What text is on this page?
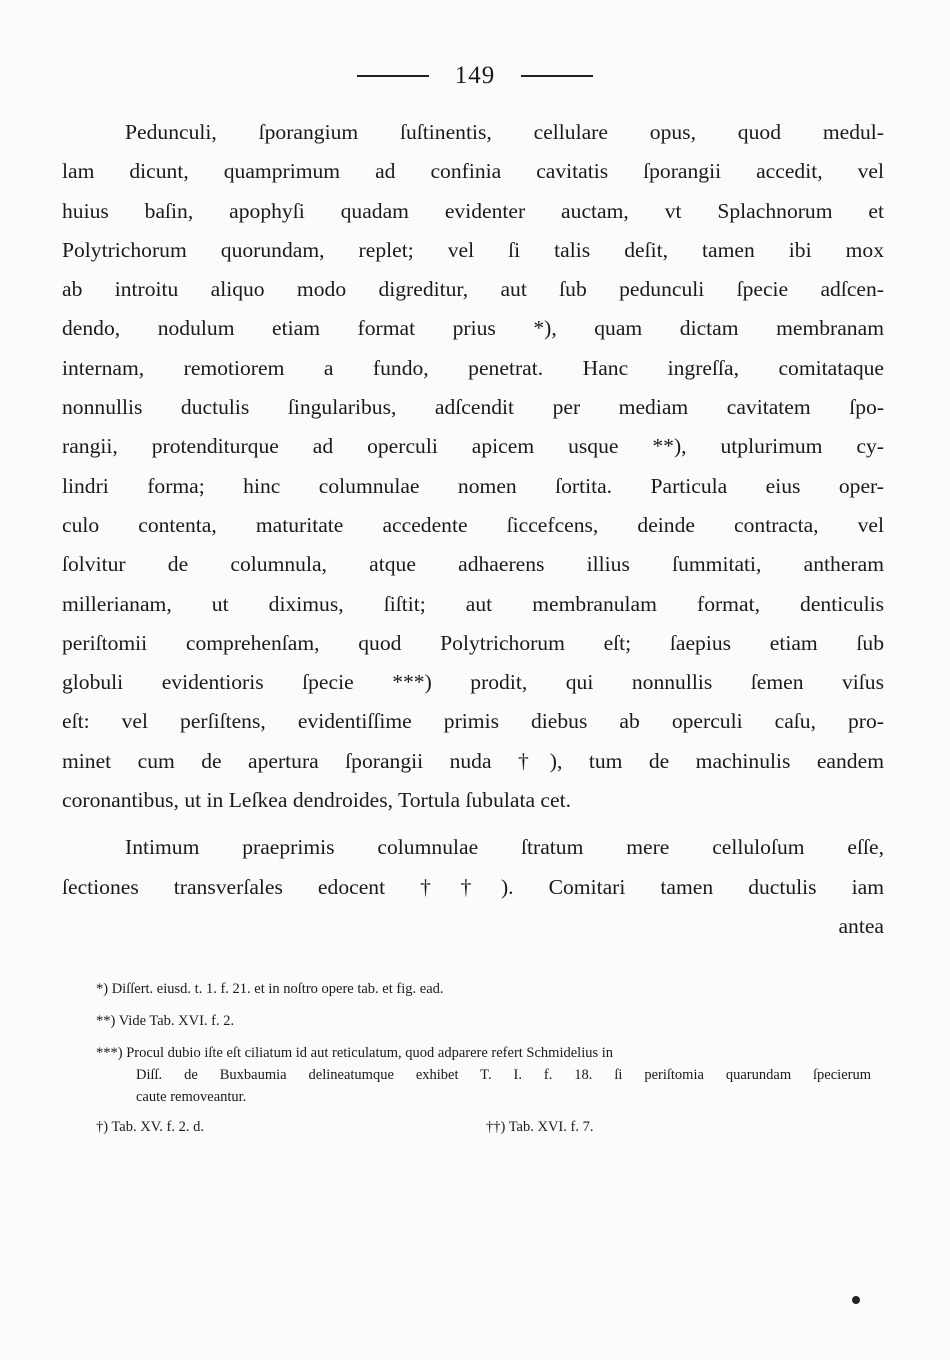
149
Pedunculi, ſporangium ſuſtinentis, cellulare opus, quod medul-
lam dicunt, quamprimum ad confinia cavitatis ſporangii accedit, vel
huius baſin, apophyſi quadam evidenter auctam, vt Splachnorum et
Polytrichorum quorundam, replet; vel ſi talis deſit, tamen ibi mox
ab introitu aliquo modo digreditur, aut ſub pedunculi ſpecie adſcen-
dendo, nodulum etiam format prius *), quam dictam membranam
internam, remotiorem a fundo, penetrat. Hanc ingreſſa, comitataque
nonnullis ductulis ſingularibus, adſcendit per mediam cavitatem ſpo-
rangii, protenditurque ad operculi apicem usque **), utplurimum cy-
lindri forma; hinc columnulae nomen ſortita. Particula eius oper-
culo contenta, maturitate accedente ſiccefcens, deinde contracta, vel
ſolvitur de columnula, atque adhaerens illius ſummitati, antheram
millerianam, ut diximus, ſiſtit; aut membranulam format, denticulis
periſtomii comprehenſam, quod Polytrichorum eſt; ſaepius etiam ſub
globuli evidentioris ſpecie ***) prodit, qui nonnullis ſemen viſus
eſt: vel perſiſtens, evidentiſſime primis diebus ab operculi caſu, pro-
minet cum de apertura ſporangii nuda †), tum de machinulis eandem
coronantibus, ut in Leſkea dendroides, Tortula ſubulata cet.
Intimum praeprimis columnulae ſtratum mere celluloſum eſſe,
ſectiones transverſales edocent ††). Comitari tamen ductulis iam
antea
*) Diſſert. eiusd. t. 1. f. 21. et in noſtro opere tab. et fig. ead.
**) Vide Tab. XVI. f. 2.
***) Procul dubio iſte eſt ciliatum id aut reticulatum, quod adparere refert Schmidelius in
Diſſ. de Buxbaumia delineatumque exhibet T. I. f. 18. ſi periſtomia quarundam ſpecierum
caute removeantur.
†) Tab. XV. f. 2. d.	††) Tab. XVI. f. 7.
